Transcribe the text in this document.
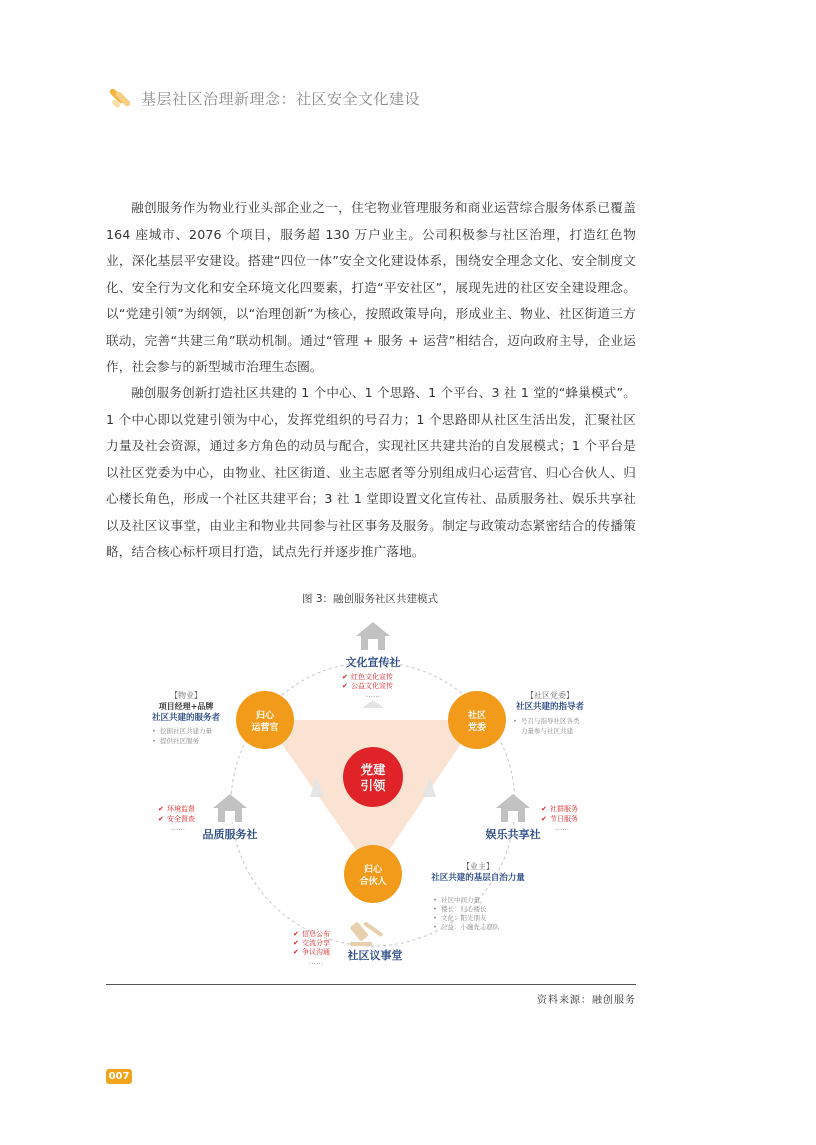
基层社区治理新理念：社区安全文化建设

融创服务作为物业行业头部企业之一，住宅物业管理服务和商业运营综合服务体系已覆盖 164 座城市、2076 个项目，服务超 130 万户业主。公司积极参与社区治理，打造红色物业，深化基层平安建设。搭建“四位一体”安全文化建设体系，围绕安全理念文化、安全制度文化、安全行为文化和安全环境文化四要素，打造“平安社区”，展现先进的社区安全建设理念。以“党建引领”为纲领，以“治理创新”为核心，按照政策导向，形成业主、物业、社区街道三方联动，完善“共建三角”联动机制。通过“管理 + 服务 + 运营”相结合，迈向政府主导，企业运作，社会参与的新型城市治理生态圈。

融创服务创新打造社区共建的 1 个中心、1 个思路、1 个平台、3 社 1 堂的“蜂巢模式”。1 个中心即以党建引领为中心，发挥党组织的号召力；1 个思路即从社区生活出发，汇聚社区力量及社会资源，通过多方角色的动员与配合，实现社区共建共治的自发展模式；1 个平台是以社区党委为中心，由物业、社区街道、业主志愿者等分别组成归心运营官、归心合伙人、归心楼长角色，形成一个社区共建平台；3 社 1 堂即设置文化宣传社、品质服务社、娱乐共享社以及社区议事堂，由业主和物业共同参与社区事务及服务。制定与政策动态紧密结合的传播策略，结合核心标杆项目打造，试点先行并逐步推广落地。

图 3：融创服务社区共建模式
党建
引领
归心
运营官
社区
党委
归心
合伙人
文化宣传社
✔ 红色文化宣传
✔ 公益文化宣传
……
【物业】
项目经理+品牌
社区共建的服务者
• 挖掘社区共建力量
• 提供社区服务
【社区党委】
社区共建的指导者
• 号召与指导社区各类
力量参与社区共建
✔ 环境监督
✔ 安全督查
…… 品质服务社
✔ 社群服务
✔ 节日服务
……
娱乐共享社
【业主】
社区共建的基层自治力量
• 社区中间力量，
• 楼长：归心楼长
• 文化：阳光朋友
• 公益：小融先志愿队
✔ 信息公布
✔ 交流分享
✔ 争议沟通
…… 社区议事堂
资料来源：融创服务
007
